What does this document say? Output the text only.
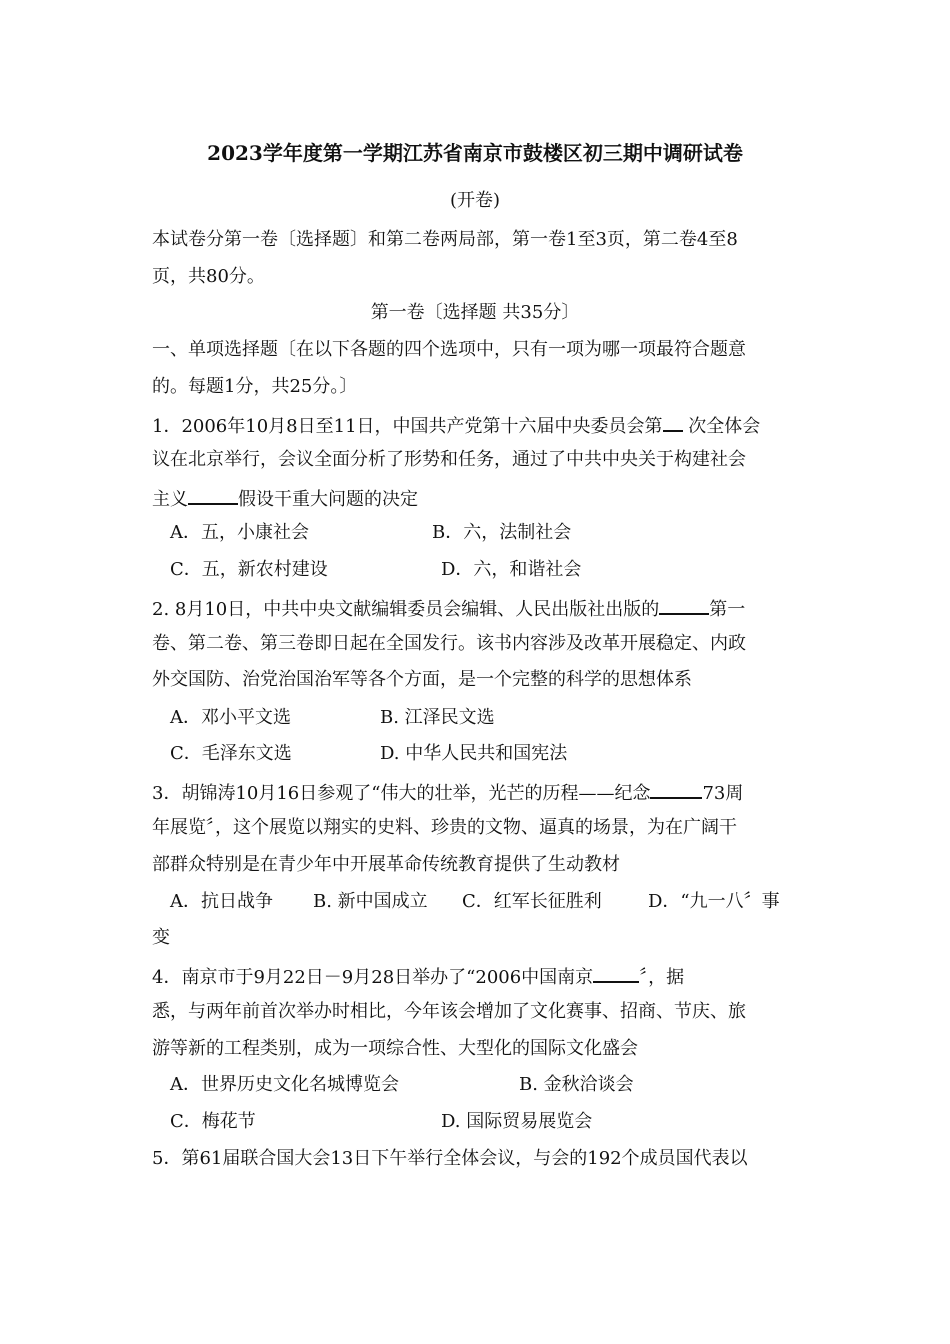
2023学年度第一学期江苏省南京市鼓楼区初三期中调研试卷
(开卷)
本试卷分第一卷〔选择题〕和第二卷两局部，第一卷1至3页，第二卷4至8
页，共80分。
第一卷〔选择题 共35分〕
一、单项选择题〔在以下各题的四个选项中，只有一项为哪一项最符合题意
的。每题1分，共25分。〕
1．2006年10月8日至11日，中国共产党第十六届中央委员会第 次全体会
议在北京举行，会议全面分析了形势和任务，通过了中共中央关于构建社会
主义	假设干重大问题的决定
A．五，小康社会	B．六，法制社会
C．五，新农村建设	D．六，和谐社会
2. 8月10日，中共中央文献编辑委员会编辑、人民出版社出版的	第一
卷、第二卷、第三卷即日起在全国发行。该书内容涉及改革开展稳定、内政
外交国防、治党治国治军等各个方面，是一个完整的科学的思想体系
A．邓小平文选	B. 江泽民文选
C．毛泽东文选	D. 中华人民共和国宪法
3．胡锦涛10月16日参观了“伟大的壮举，光芒的历程——纪念	73周
年展览〞，这个展览以翔实的史料、珍贵的文物、逼真的场景，为在广阔干
部群众特别是在青少年中开展革命传统教育提供了生动教材
A．抗日战争 B. 新中国成立 C．红军长征胜利	D．“九一八〞事
变
4．南京市于9月22日－9月28日举办了“2006中国南京	〞，据
悉，与两年前首次举办时相比，今年该会增加了文化赛事、招商、节庆、旅
游等新的工程类别，成为一项综合性、大型化的国际文化盛会
A．世界历史文化名城博览会	B. 金秋洽谈会
C．梅花节	D. 国际贸易展览会
5．第61届联合国大会13日下午举行全体会议，与会的192个成员国代表以
